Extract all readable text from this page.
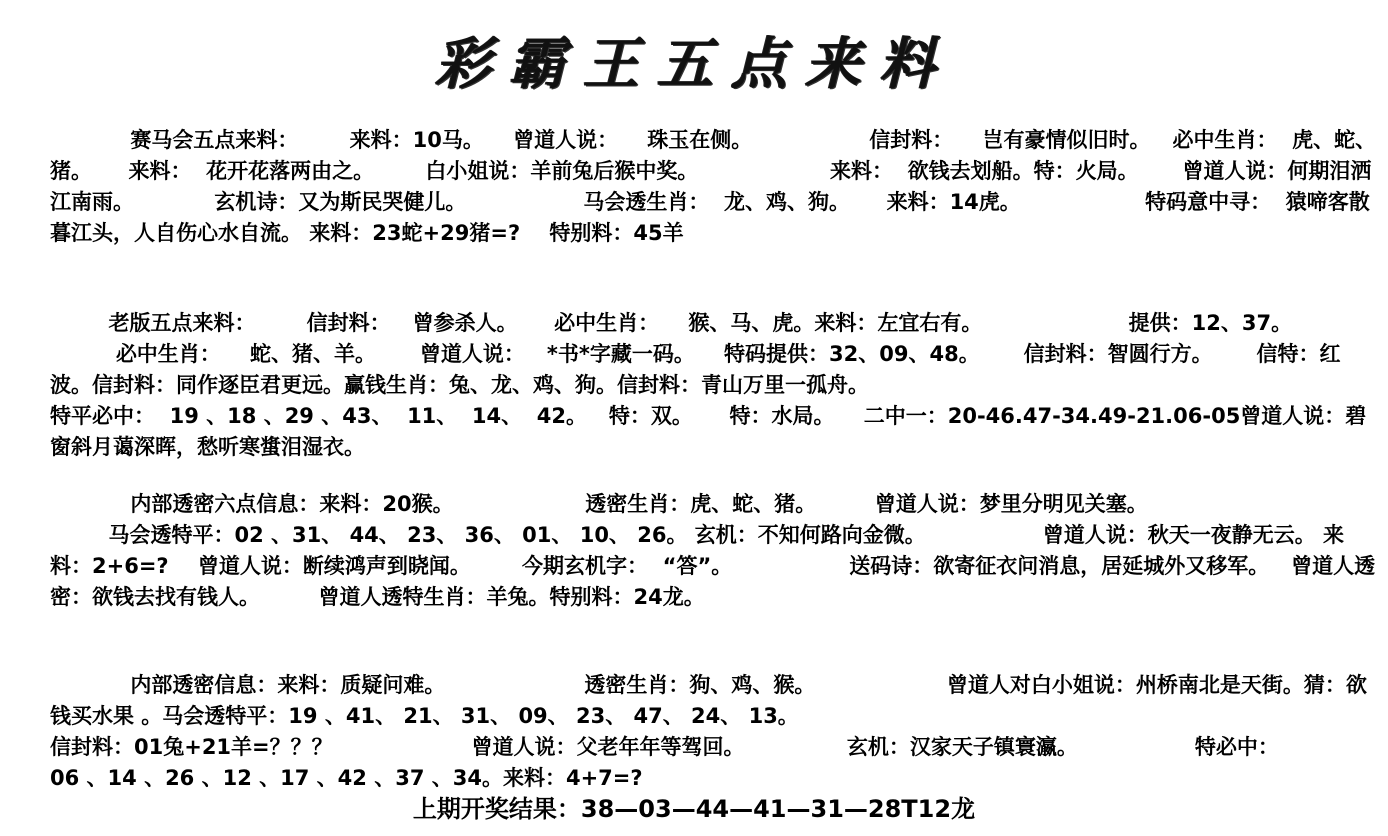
彩霸王五点来料
赛马会五点来料：       来料：10马。    曾道人说：    珠玉在侧。                信封料：    岂有豪情似旧时。   必中生肖：  虎、蛇、猪。     来料：  花开花落两由之。       白小姐说：羊前兔后猴中奖。                  来料：  欲钱去划船。特：火局。      曾道人说：何期泪洒江南雨。           玄机诗：又为斯民哭健儿。                马会透生肖：  龙、鸡、狗。     来料：14虎。                 特码意中寻：  猿啼客散暮江头，人自伤心水自流。 来料：23蛇+29猪=?    特别料：45羊
老版五点来料：       信封料：   曾参杀人。     必中生肖：    猴、马、虎。来料：左宜右有。                    提供：12、37。
必中生肖：    蛇、猪、羊。      曾道人说：   *书*字藏一码。    特码提供：32、09、48。      信封料：智圆行方。      信特：红波。信封料：同作逐臣君更远。赢钱生肖：兔、龙、鸡、狗。信封料：青山万里一孤舟。
特平必中：  19 、18 、29 、43、  11、  14、  42。   特：双。     特：水局。    二中一：20-46.47-34.49-21.06-05曾道人说：碧窗斜月蔼深晖，愁听寒螀泪湿衣。
内部透密六点信息：来料：20猴。                  透密生肖：虎、蛇、猪。        曾道人说：梦里分明见关塞。
马会透特平：02 、31、 44、 23、 36、 01、 10、 26。 玄机：不知何路向金微。                曾道人说：秋天一夜静无云。 来料：2+6=?    曾道人说：断续鸿声到晓闻。       今期玄机字：  “答”。                送码诗：欲寄征衣问消息，居延城外又移军。   曾道人透密：欲钱去找有钱人。        曾道人透特生肖：羊兔。特别料：24龙。
内部透密信息：来料：质疑问难。                   透密生肖：狗、鸡、猴。                  曾道人对白小姐说：州桥南北是天街。猜：欲钱买水果 。马会透特平：19 、41、 21、 31、 09、 23、 47、 24、 13。
信封料：01兔+21羊=？？？                   曾道人说：父老年年等驾回。              玄机：汉家天子镇寰瀛。                特必中：
06 、14 、26 、12 、17 、42 、37 、34。来料：4+7=?
上期开奖结果：38—03—44—41—31—28T12龙
